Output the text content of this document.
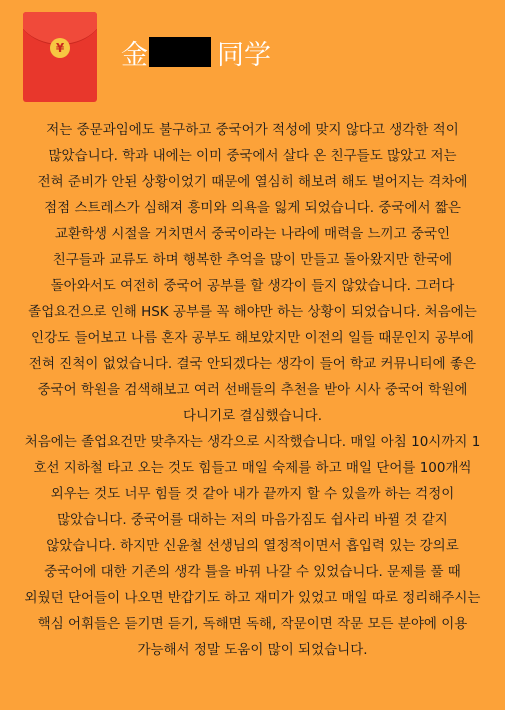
¥ 金	同学
저는 중문과임에도 불구하고 중국어가 적성에 맞지 않다고 생각한 적이
많았습니다. 학과 내에는 이미 중국에서 살다 온 친구들도 많았고 저는
전혀 준비가 안된 상황이었기 때문에 열심히 해보려 해도 벌어지는 격차에
점점 스트레스가 심해져 흥미와 의욕을 잃게 되었습니다. 중국에서 짧은
교환학생 시절을 거치면서 중국이라는 나라에 매력을 느끼고 중국인
친구들과 교류도 하며 행복한 추억을 많이 만들고 돌아왔지만 한국에
돌아와서도 여전히 중국어 공부를 할 생각이 들지 않았습니다. 그러다
졸업요건으로 인해 HSK 공부를 꼭 해야만 하는 상황이 되었습니다. 처음에는
인강도 들어보고 나름 혼자 공부도 해보았지만 이전의 일들 때문인지 공부에
전혀 진척이 없었습니다. 결국 안되겠다는 생각이 들어 학교 커뮤니티에 좋은
중국어 학원을 검색해보고 여러 선배들의 추천을 받아 시사 중국어 학원에
다니기로 결심했습니다.
처음에는 졸업요건만 맞추자는 생각으로 시작했습니다. 매일 아침 10시까지 1
호선 지하철 타고 오는 것도 힘들고 매일 숙제를 하고 매일 단어를 100개씩
외우는 것도 너무 힘들 것 같아 내가 끝까지 할 수 있을까 하는 걱정이
많았습니다. 중국어를 대하는 저의 마음가짐도 쉽사리 바뀔 것 같지
않았습니다. 하지만 신윤철 선생님의 열정적이면서 흡입력 있는 강의로
중국어에 대한 기존의 생각 틀을 바꿔 나갈 수 있었습니다. 문제를 풀 때
외웠던 단어들이 나오면 반갑기도 하고 재미가 있었고 매일 따로 정리해주시는
핵심 어휘들은 듣기면 듣기, 독해면 독해, 작문이면 작문 모든 분야에 이용
가능해서 정말 도움이 많이 되었습니다.
